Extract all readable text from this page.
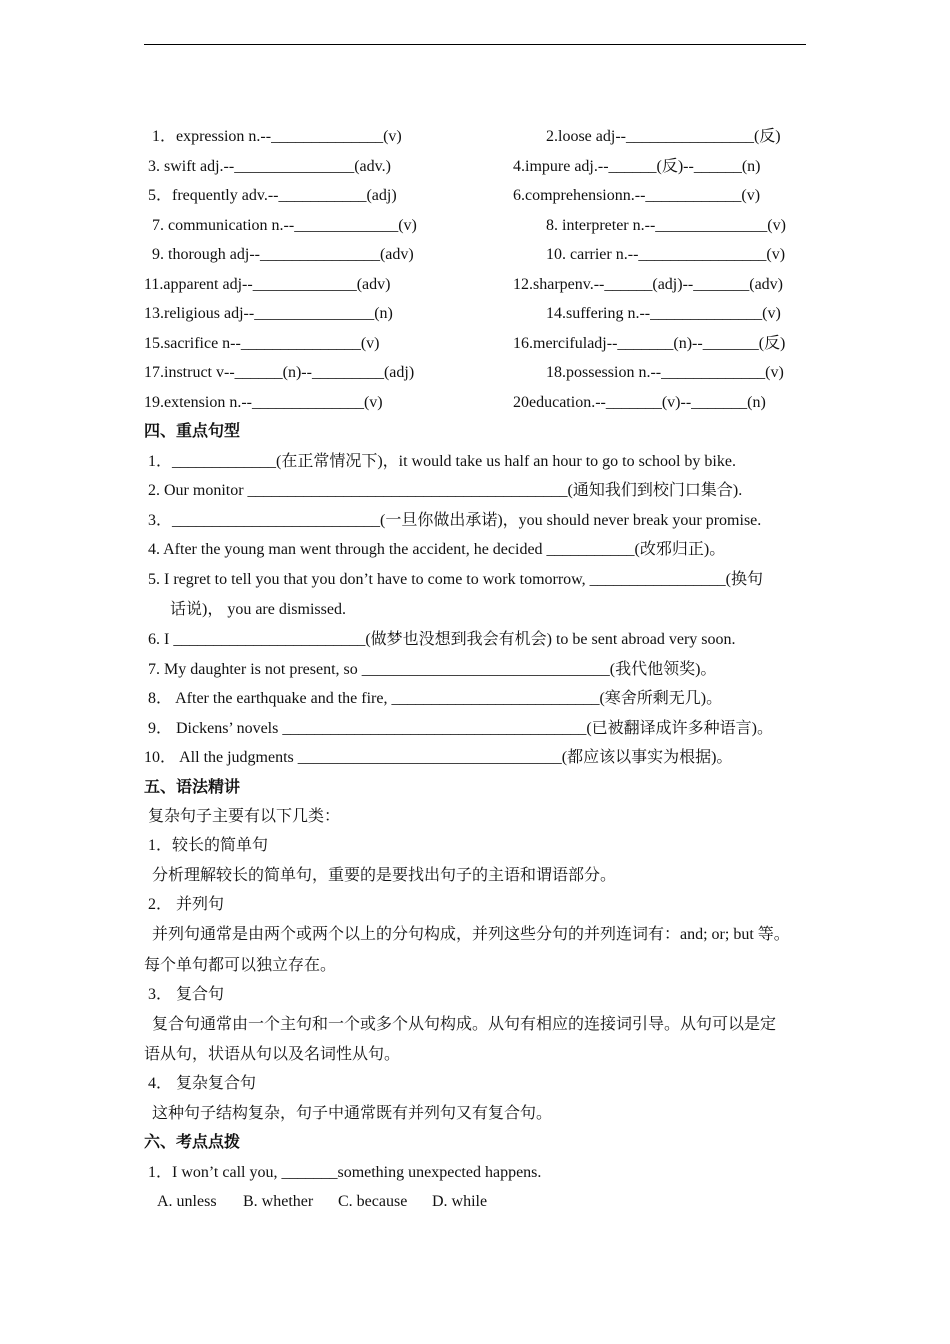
1．expression n.--______________(v)	2.loose adj--________________(反)
3. swift adj.--_______________(adv.)	4.impure adj.--______(反)--______(n)
5．frequently adv.--___________(adj)	6.comprehensionn.--____________(v)
7. communication n.--_____________(v)	8. interpreter n.--______________(v)
9. thorough adj--_______________(adv)	10. carrier n.--________________(v)
11.apparent adj--_____________(adv)	12.sharpenv.--______(adj)--_______(adv)
13.religious adj--_______________(n)	14.suffering n.--______________(v)
15.sacrifice n--_______________(v)	16.mercifuladj--_______(n)--_______(反)
17.instruct v--______(n)--_________(adj)	18.possession n.--_____________(v)
19.extension n.--______________(v)	20education.--_______(v)--_______(n)
四、重点句型
1．_____________(在正常情况下)，it would take us half an hour to go to school by bike.
2. Our monitor ________________________________________(通知我们到校门口集合).
3．__________________________(一旦你做出承诺)，you should never break your promise.
4. After the young man went through the accident, he decided ___________(改邪归正)。
5. I regret to tell you that you don’t have to come to work tomorrow, _________________(换句
话说)， you are dismissed.
6. I ________________________(做梦也没想到我会有机会) to be sent abroad very soon.
7. My daughter is not present, so _______________________________(我代他领奖)。
8． After the earthquake and the fire, __________________________(寒舍所剩无几)。
9． Dickens’ novels ______________________________________(已被翻译成许多种语言)。
10． All the judgments _________________________________(都应该以事实为根据)。
五、语法精讲
复杂句子主要有以下几类：
1．较长的简单句
分析理解较长的简单句，重要的是要找出句子的主语和谓语部分。
2． 并列句
并列句通常是由两个或两个以上的分句构成，并列这些分句的并列连词有：and; or; but 等。
每个单句都可以独立存在。
3． 复合句
复合句通常由一个主句和一个或多个从句构成。从句有相应的连接词引导。从句可以是定
语从句，状语从句以及名词性从句。
4． 复杂复合句
这种句子结构复杂，句子中通常既有并列句又有复合句。
六、考点点拨
1．I won’t call you, _______something unexpected happens.
A. unless B. whether C. because D. while
